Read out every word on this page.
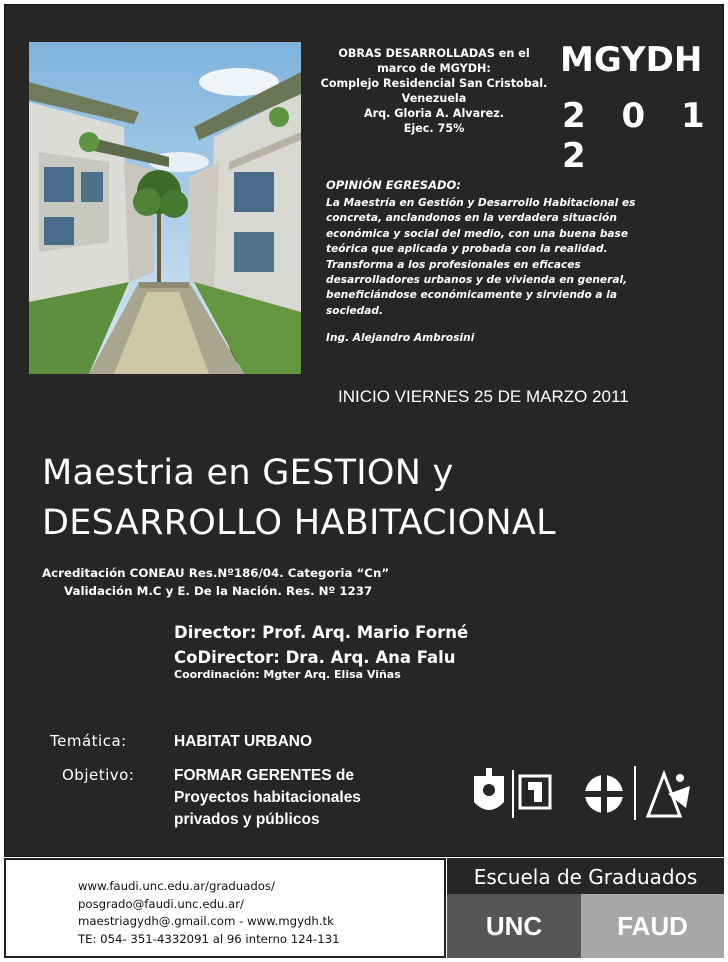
OBRAS DESARROLLADAS en el
marco de MGYDH:
Complejo Residencial San Cristobal.
Venezuela
Arq. Gloria A. Alvarez.
Ejec. 75%
MGYDH
2 0 1 2
OPINIÓN EGRESADO:
La Maestría en Gestión y Desarrollo Habitacional es
concreta, anclandonos en la verdadera situación
económica y social del medio, con una buena base
teórica que aplicada y probada con la realidad.
Transforma a los profesionales en eficaces
desarrolladores urbanos y de vivienda en general,
beneficiándose económicamente y sirviendo a la
sociedad.
Ing. Alejandro Ambrosini
INICIO VIERNES 25 DE MARZO 2011
Maestria en GESTION y
DESARROLLO HABITACIONAL
Acreditación CONEAU Res.Nº186/04. Categoria “Cn”
Validación M.C y E. De la Nación. Res. Nº 1237
Director: Prof. Arq. Mario Forné
CoDirector: Dra. Arq. Ana Falu
Coordinación: Mgter Arq. Elisa Viñas
Temática:	HABITAT URBANO
Objetivo:	FORMAR GERENTES de
Proyectos habitacionales
privados y públicos
www.faudi.unc.edu.ar/graduados/
posgrado@faudi.unc.edu.ar/
maestriagydh@.gmail.com - www.mgydh.tk
TE: 054- 351-4332091 al 96 interno 124-131
Escuela de Graduados
UNC	FAUD
